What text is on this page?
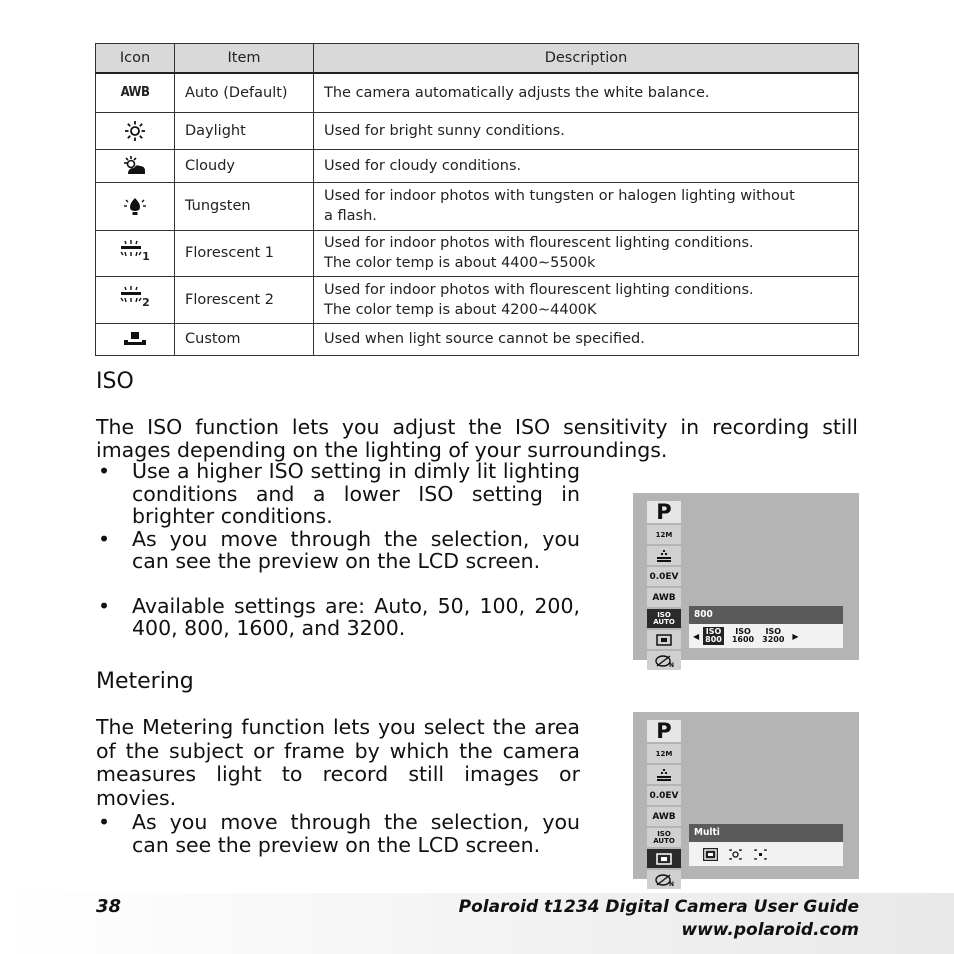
Icon	Item	Description
AWB	Auto (Default)	The camera automatically adjusts the white balance.
	Daylight	Used for bright sunny conditions.
	Cloudy	Used for cloudy conditions.
	Tungsten	Used for indoor photos with tungsten or halogen lighting without
a flash.

$_1$	Florescent 1	Used for indoor photos with flourescent lighting conditions.
The color temp is about 4400∼5500k

$_2$	Florescent 2	Used for indoor photos with flourescent lighting conditions.
The color temp is about 4200∼4400K

	Custom	Used when light source cannot be specified.
ISO
The ISO function lets you adjust the ISO sensitivity in recording still images depending on the lighting of your surroundings.
• Use a higher ISO setting in dimly lit lighting conditions and a lower ISO setting in brighter conditions.
• As you move through the selection, you can see the preview on the LCD screen.
• Available settings are: Auto, 50, 100, 200, 400, 800, 1600, and 3200.
Metering
The Metering function lets you select the area of the subject or frame by which the camera measures light to record still images or movies.
• As you move through the selection, you can see the preview on the LCD screen.
P
12M
0.0EV
AWB
ISO
AUTO
N
800
◀ ISO
800
ISO
1600
ISO
3200 ▶
P
12M
0.0EV
AWB
ISO
AUTO
N
Multi
38	Polaroid t1234 Digital Camera User Guide
www.polaroid.com
